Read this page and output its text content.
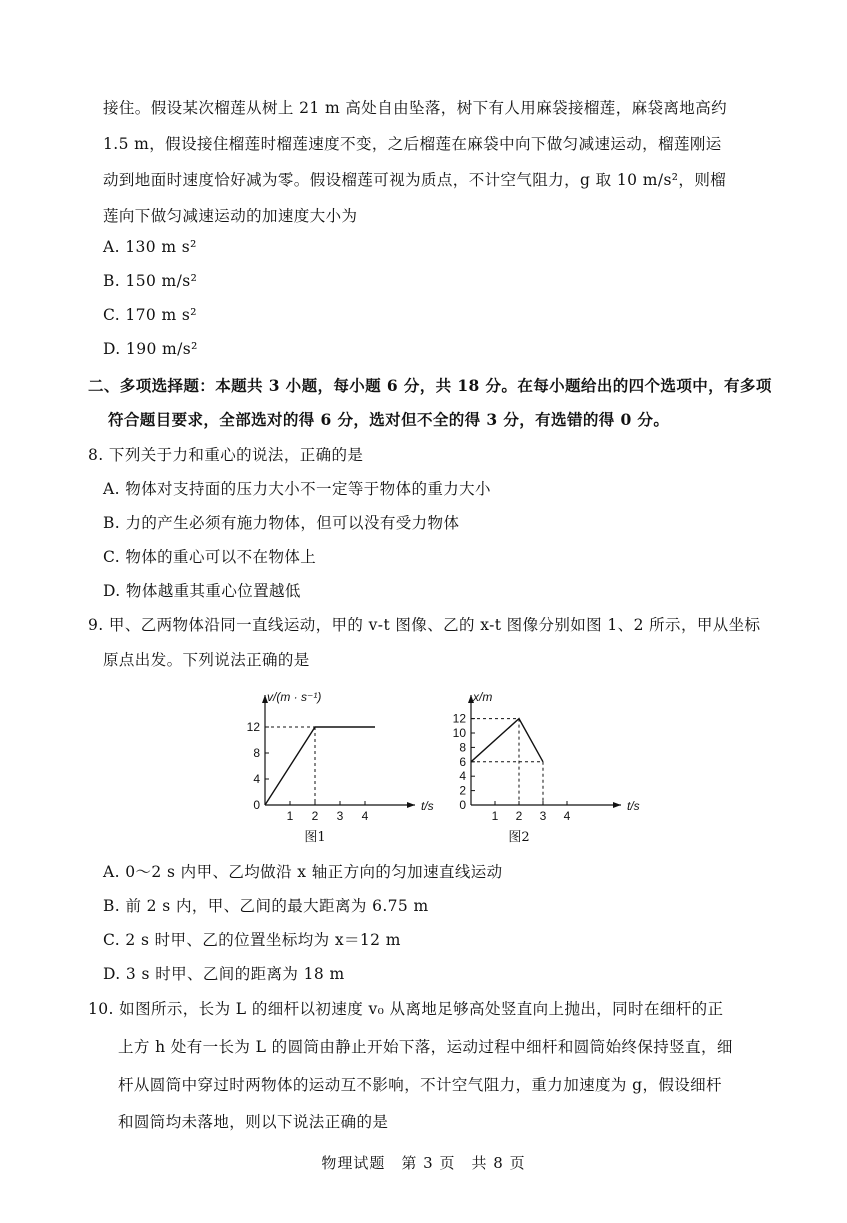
接住。假设某次榴莲从树上 21 m 高处自由坠落，树下有人用麻袋接榴莲，麻袋离地高约
1.5 m，假设接住榴莲时榴莲速度不变，之后榴莲在麻袋中向下做匀减速运动，榴莲刚运
动到地面时速度恰好减为零。假设榴莲可视为质点，不计空气阻力，g 取 10 m/s²，则榴
莲向下做匀减速运动的加速度大小为
A. 130 m s²
B. 150 m/s²
C. 170 m s²
D. 190 m/s²
二、多项选择题：本题共 3 小题，每小题 6 分，共 18 分。在每小题给出的四个选项中，有多项
符合题目要求，全部选对的得 6 分，选对但不全的得 3 分，有选错的得 0 分。
8. 下列关于力和重心的说法，正确的是
A. 物体对支持面的压力大小不一定等于物体的重力大小
B. 力的产生必须有施力物体，但可以没有受力物体
C. 物体的重心可以不在物体上
D. 物体越重其重心位置越低
9. 甲、乙两物体沿同一直线运动，甲的 v-t 图像、乙的 x-t 图像分别如图 1、2 所示，甲从坐标
原点出发。下列说法正确的是
1 2 3 4
0
4
8
12
v/(m · s⁻¹)
t/s
图1
1 2 3 4
0
2
4
6
8
10
12
x/m
t/s
图2
A. 0～2 s 内甲、乙均做沿 x 轴正方向的匀加速直线运动
B. 前 2 s 内，甲、乙间的最大距离为 6.75 m
C. 2 s 时甲、乙的位置坐标均为 x＝12 m
D. 3 s 时甲、乙间的距离为 18 m
10. 如图所示，长为 L 的细杆以初速度 v₀ 从离地足够高处竖直向上抛出，同时在细杆的正
上方 h 处有一长为 L 的圆筒由静止开始下落，运动过程中细杆和圆筒始终保持竖直，细
杆从圆筒中穿过时两物体的运动互不影响，不计空气阻力，重力加速度为 g，假设细杆
和圆筒均未落地，则以下说法正确的是
物理试题　第 3 页　共 8 页
